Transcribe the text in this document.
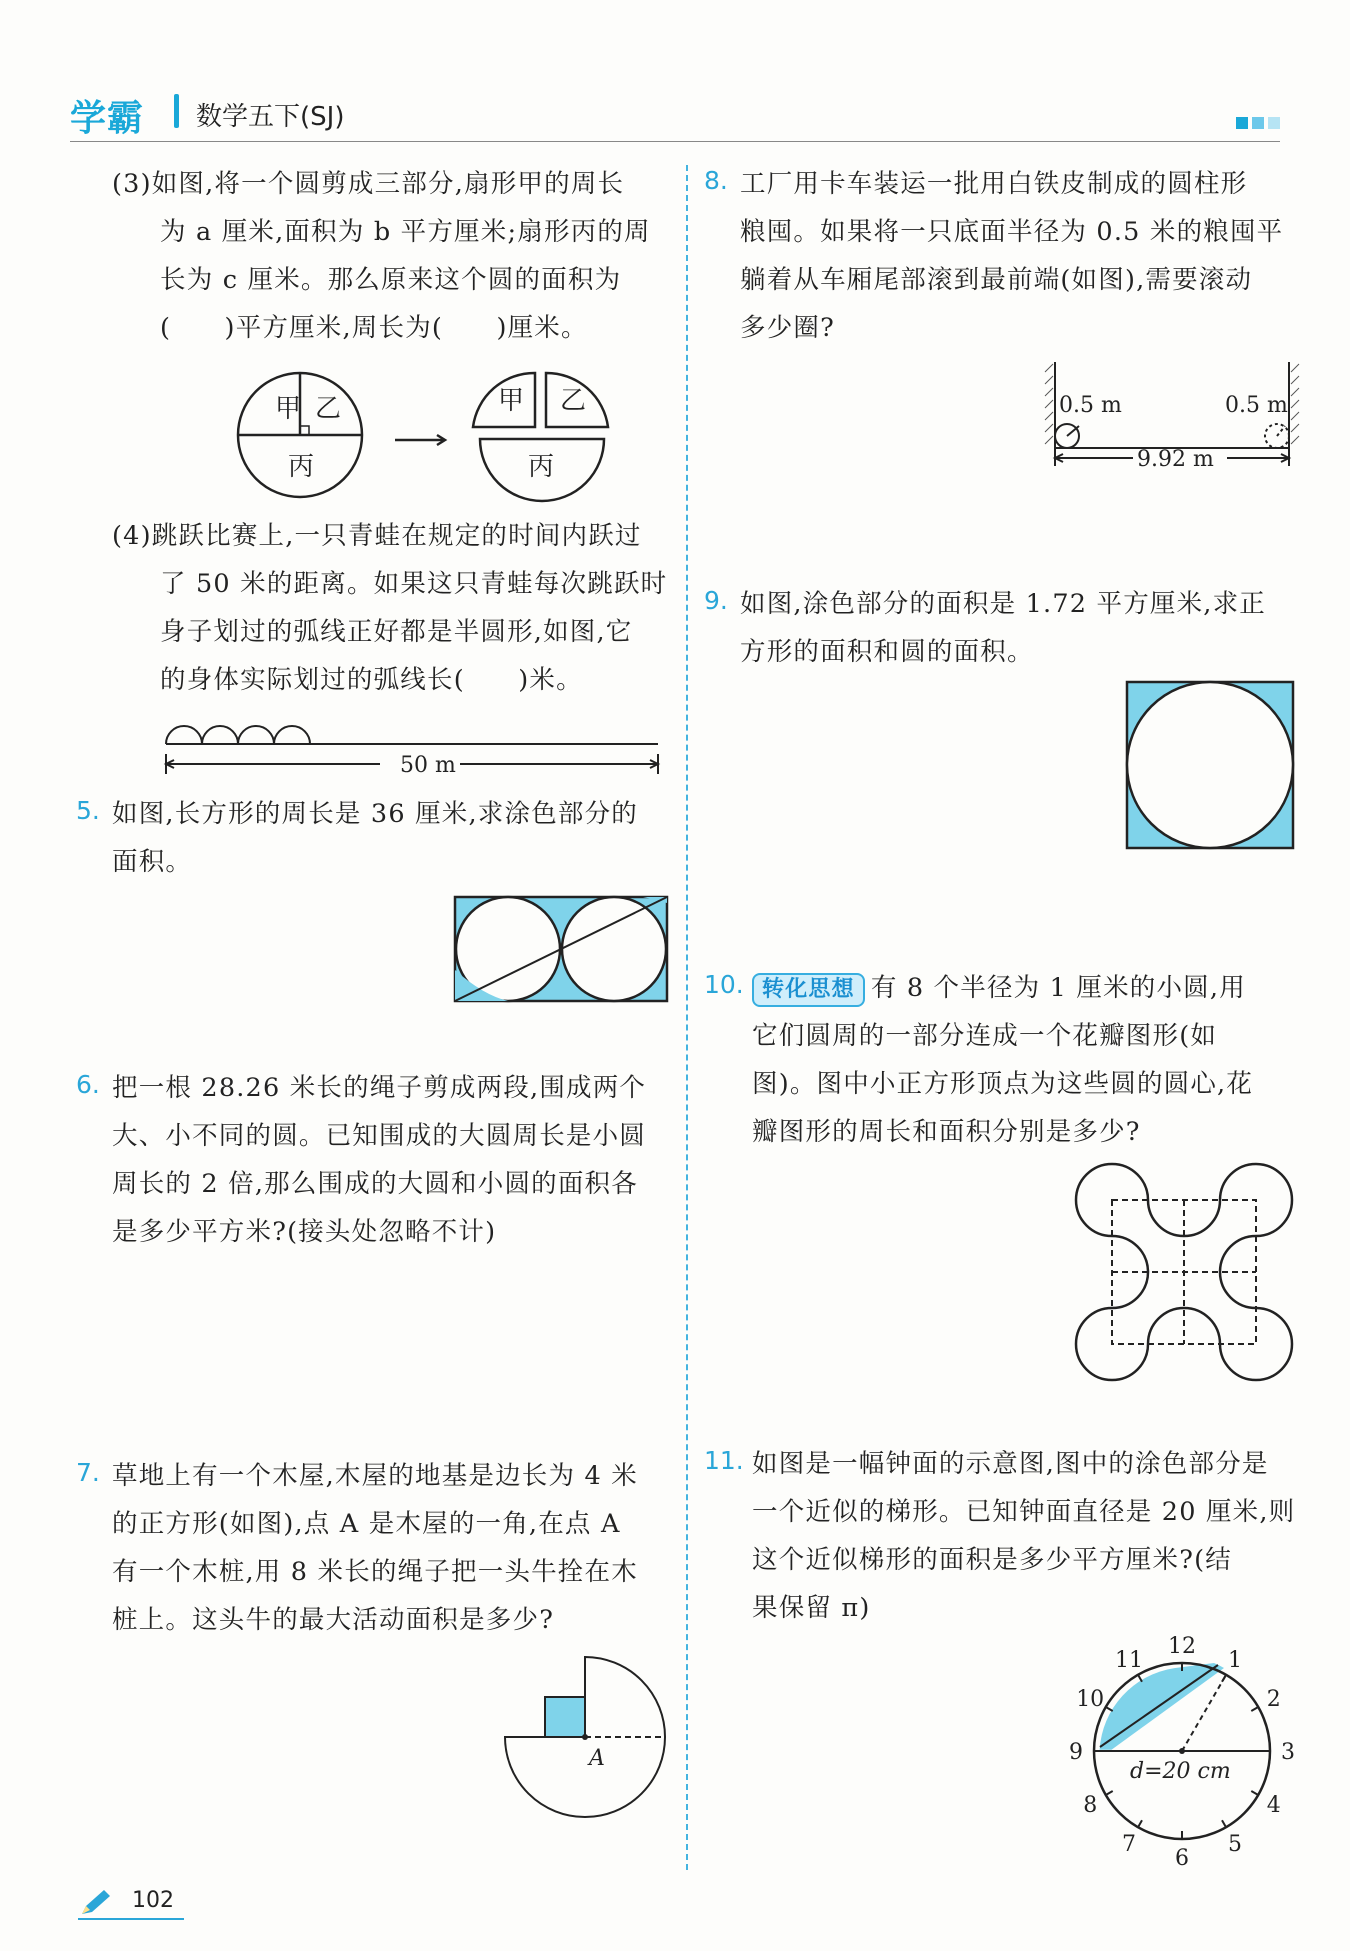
学霸 数学五下(SJ)
(3)如图,将一个圆剪成三部分,扇形甲的周长
为 a 厘米,面积为 b 平方厘米;扇形丙的周
长为 c 厘米。那么原来这个圆的面积为
(　　)平方厘米,周长为(　　)厘米。
甲 乙
丙
甲 乙
丙
(4)跳跃比赛上,一只青蛙在规定的时间内跃过
了 50 米的距离。如果这只青蛙每次跳跃时
身子划过的弧线正好都是半圆形,如图,它
的身体实际划过的弧线长(　　)米。
50 m
5. 如图,长方形的周长是 36 厘米,求涂色部分的
面积。
6. 把一根 28.26 米长的绳子剪成两段,围成两个
大、小不同的圆。已知围成的大圆周长是小圆
周长的 2 倍,那么围成的大圆和小圆的面积各
是多少平方米?(接头处忽略不计)
7. 草地上有一个木屋,木屋的地基是边长为 4 米
的正方形(如图),点 A 是木屋的一角,在点 A
有一个木桩,用 8 米长的绳子把一头牛拴在木
桩上。这头牛的最大活动面积是多少?
A
8. 工厂用卡车装运一批用白铁皮制成的圆柱形
粮囤。如果将一只底面半径为 0.5 米的粮囤平
躺着从车厢尾部滚到最前端(如图),需要滚动
多少圈?
0.5 m	0.5 m
9.92 m
9. 如图,涂色部分的面积是 1.72 平方厘米,求正
方形的面积和圆的面积。
10. 转化思想 有 8 个半径为 1 厘米的小圆,用
它们圆周的一部分连成一个花瓣图形(如
图)。图中小正方形顶点为这些圆的圆心,花
瓣图形的周长和面积分别是多少?
11. 如图是一幅钟面的示意图,图中的涂色部分是
一个近似的梯形。已知钟面直径是 20 厘米,则
这个近似梯形的面积是多少平方厘米?(结
果保留 π)
12
1
2
3
4
5
6
7
8
9
10
11
d=20 cm
102
